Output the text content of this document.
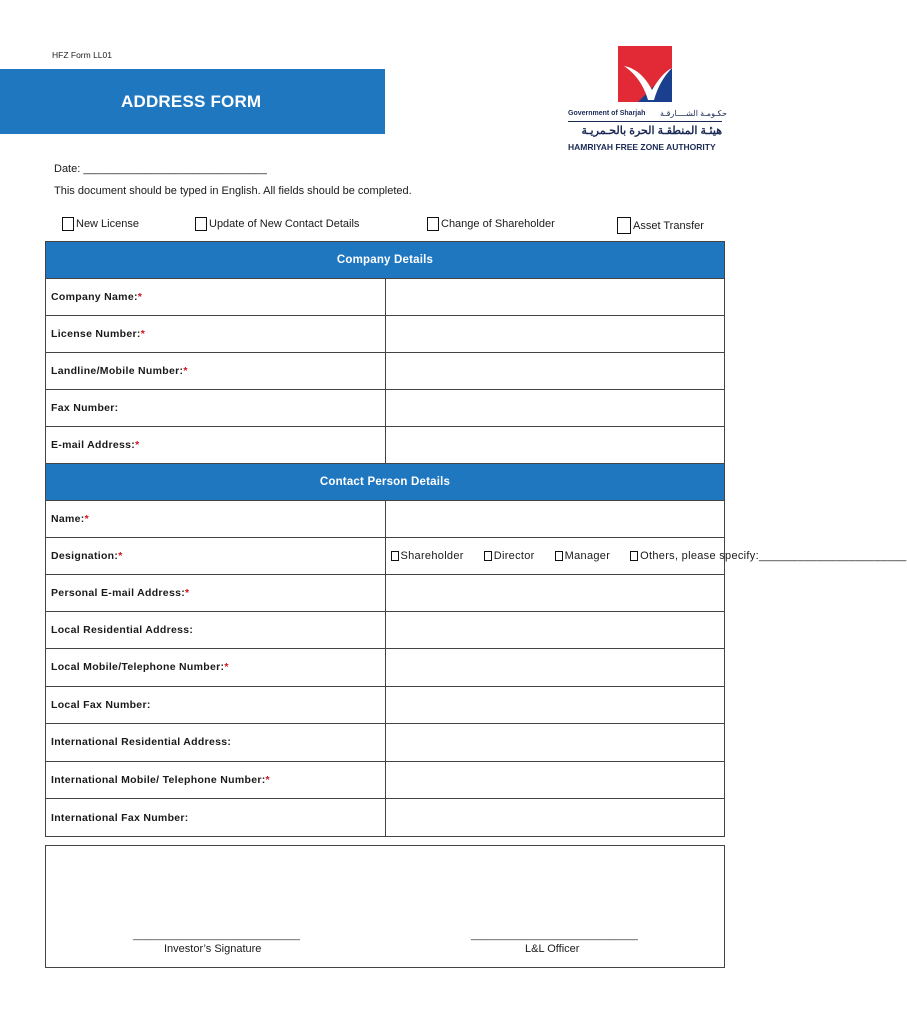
HFZ Form LL01
ADDRESS FORM
Government of Sharjah حكـومـة الشــــارقـة
هيئـة المنطقـة الحرة بالحـمريـة
HAMRIYAH FREE ZONE AUTHORITY
Date: ______________________________
This document should be typed in English. All fields should be completed.
New License	Update of New Contact Details	Change of Shareholder	Asset Transfer
Company Details	
Company Name:*	
License Number:*	
Landline/Mobile Number:*	
Fax Number:	
E-mail Address:*	
Contact Person Details	
Name:*	
Designation:*	Shareholder Director Manager Others, please specify:_______________________

Personal E-mail Address:*	
Local Residential Address:	
Local Mobile/Telephone Number:*	
Local Fax Number:	
International Residential Address:	
International Mobile/ Telephone Number:*	
International Fax Number:	
______________________________
Investor’s Signature
______________________________
L&L Officer
